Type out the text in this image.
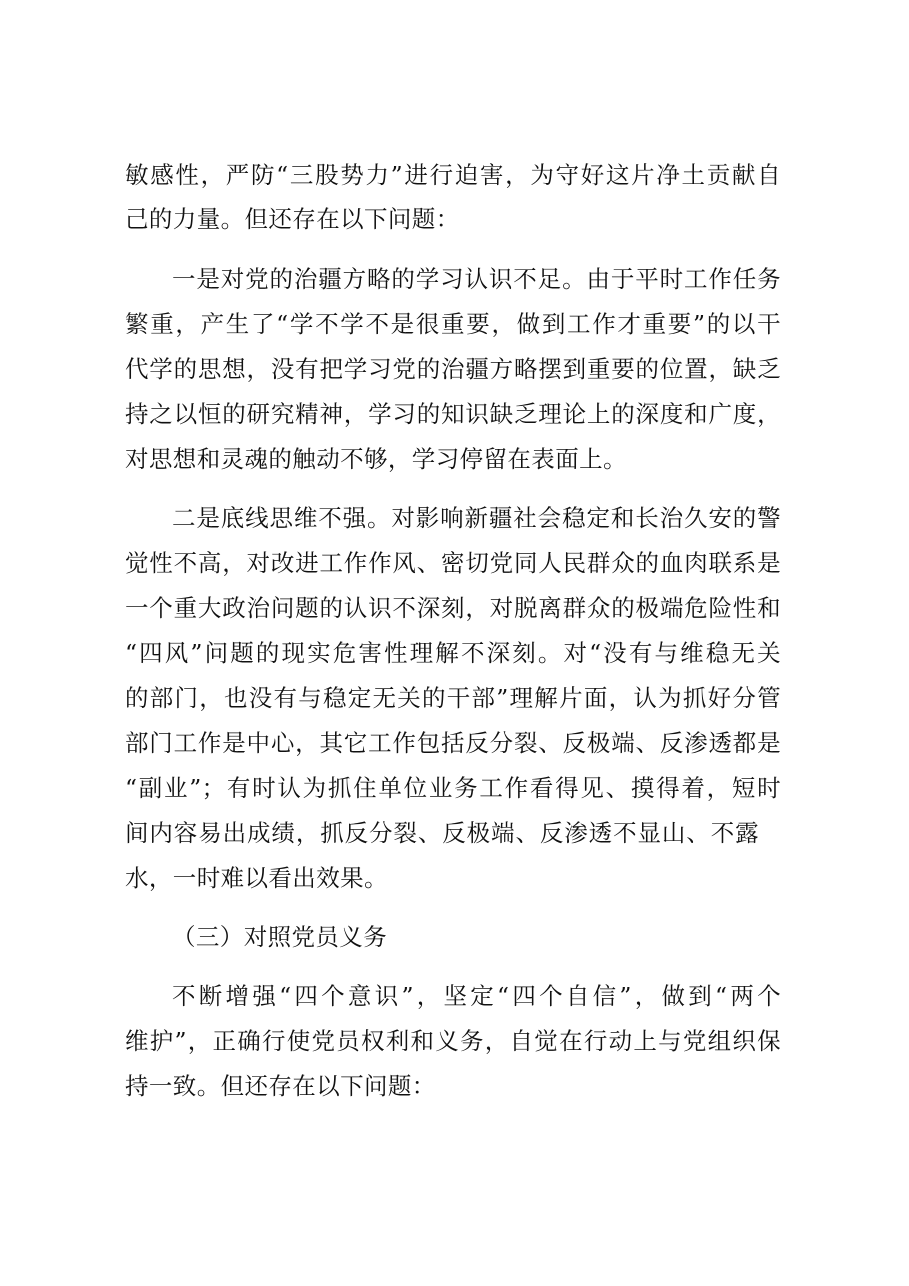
敏感性，严防“三股势力”进行迫害，为守好这片净土贡献自
己的力量。但还存在以下问题：
一是对党的治疆方略的学习认识不足。由于平时工作任务
繁重，产生了“学不学不是很重要，做到工作才重要”的以干
代学的思想，没有把学习党的治疆方略摆到重要的位置，缺乏
持之以恒的研究精神，学习的知识缺乏理论上的深度和广度，
对思想和灵魂的触动不够，学习停留在表面上。
二是底线思维不强。对影响新疆社会稳定和长治久安的警
觉性不高，对改进工作作风、密切党同人民群众的血肉联系是
一个重大政治问题的认识不深刻，对脱离群众的极端危险性和
“四风”问题的现实危害性理解不深刻。对“没有与维稳无关
的部门，也没有与稳定无关的干部”理解片面，认为抓好分管
部门工作是中心，其它工作包括反分裂、反极端、反渗透都是
“副业”；有时认为抓住单位业务工作看得见、摸得着，短时
间内容易出成绩，抓反分裂、反极端、反渗透不显山、不露
水，一时难以看出效果。
（三）对照党员义务
不断增强“四个意识”，坚定“四个自信”，做到“两个
维护”，正确行使党员权利和义务，自觉在行动上与党组织保
持一致。但还存在以下问题：
